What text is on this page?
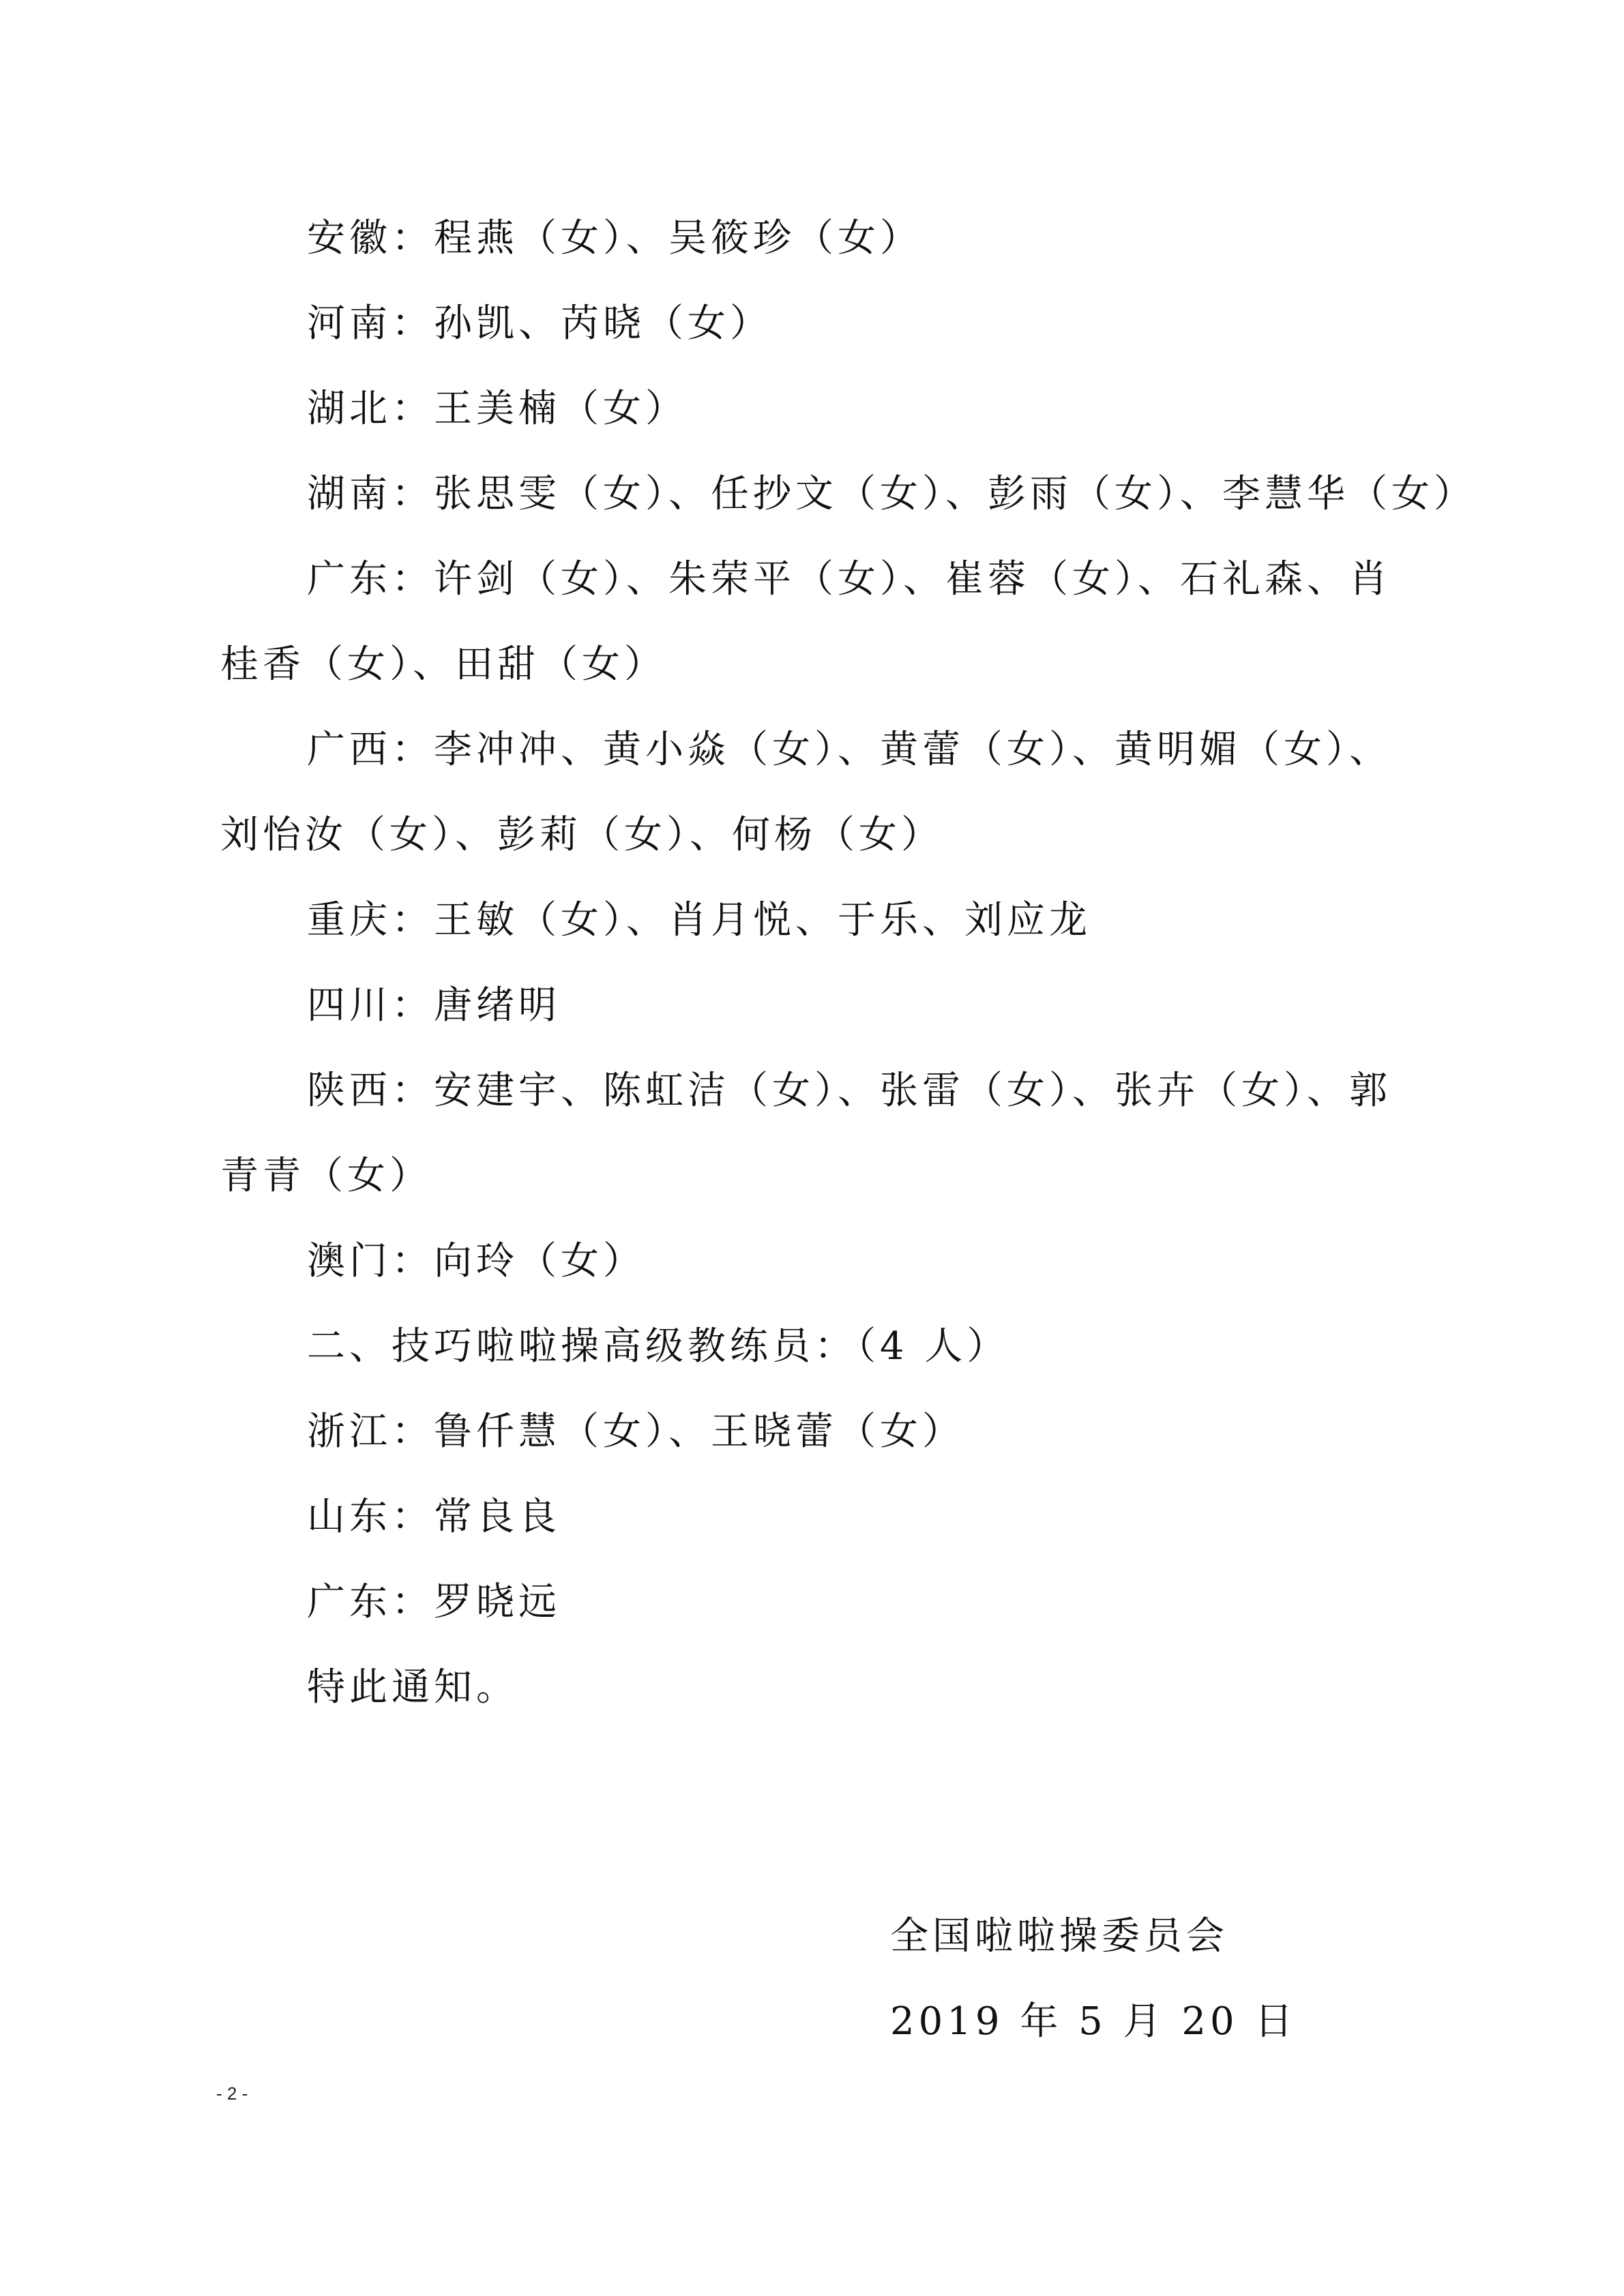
安徽：程燕（女）、吴筱珍（女）
河南：孙凯、芮晓（女）
湖北：王美楠（女）
湖南：张思雯（女）、任抄文（女）、彭雨（女）、李慧华（女）
广东：许剑（女）、朱荣平（女）、崔蓉（女）、石礼森、肖
桂香（女）、田甜（女）
广西：李冲冲、黄小焱（女）、黄蕾（女）、黄明媚（女）、
刘怡汝（女）、彭莉（女）、何杨（女）
重庆：王敏（女）、肖月悦、于乐、刘应龙
四川：唐绪明
陕西：安建宇、陈虹洁（女）、张雷（女）、张卉（女）、郭
青青（女）
澳门：向玲（女）
二、技巧啦啦操高级教练员：（4 人）
浙江：鲁仟慧（女）、王晓蕾（女）
山东：常良良
广东：罗晓远
特此通知。
全国啦啦操委员会
2019 年 5 月 20 日
- 2 -
